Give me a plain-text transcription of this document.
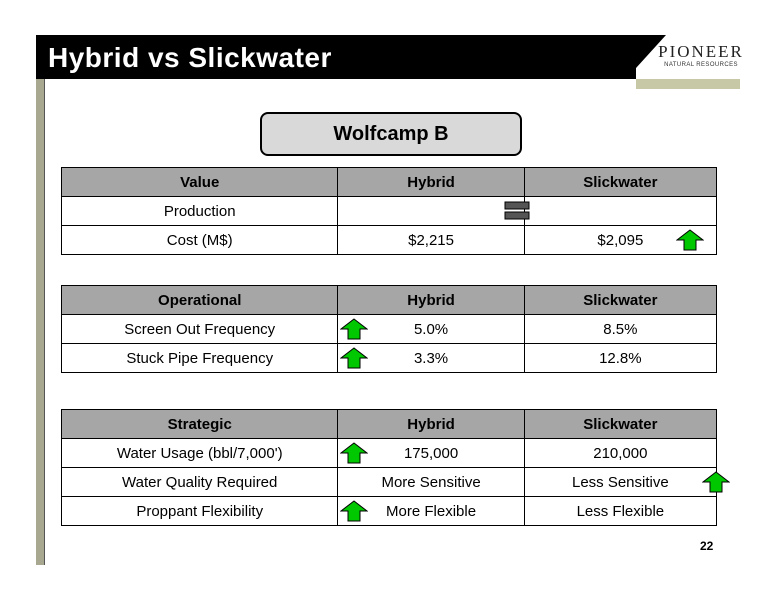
Hybrid vs Slickwater	PIONEER
NATURAL RESOURCES
Wolfcamp B
Value	Hybrid	Slickwater
Production	

Cost (M$)	$2,215	$2,095
Operational	Hybrid	Slickwater
Screen Out Frequency	5.0%	8.5%
Stuck Pipe Frequency	3.3%	12.8%
Strategic	Hybrid	Slickwater
Water Usage (bbl/7,000')	175,000	210,000
Water Quality Required	More Sensitive	Less Sensitive

Proppant Flexibility	More Flexible	Less Flexible
22
